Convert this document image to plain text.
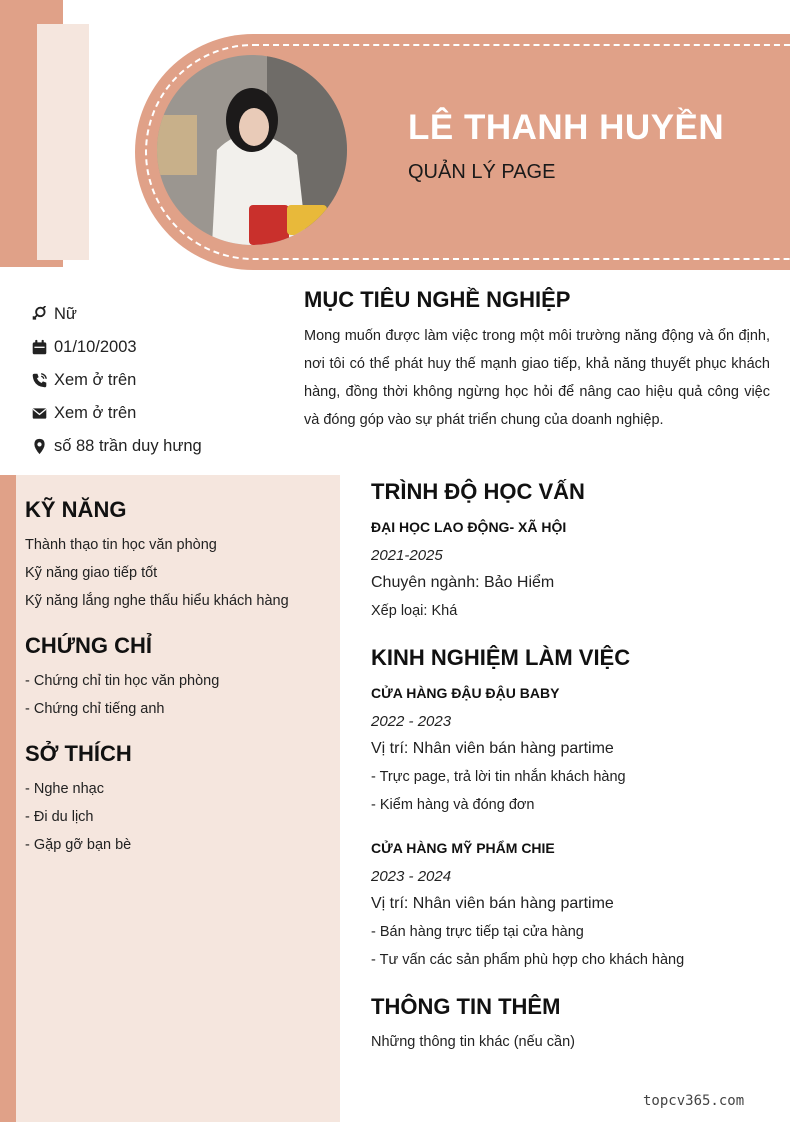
LÊ THANH HUYỀN
QUẢN LÝ PAGE
Nữ
01/10/2003
Xem ở trên
Xem ở trên
số 88 trần duy hưng
MỤC TIÊU NGHỀ NGHIỆP
Mong muốn được làm việc trong một môi trường năng động và ổn định, nơi tôi có thể phát huy thế mạnh giao tiếp, khả năng thuyết phục khách hàng, đồng thời không ngừng học hỏi để nâng cao hiệu quả công việc và đóng góp vào sự phát triển chung của doanh nghiệp.
KỸ NĂNG
Thành thạo tin học văn phòng
Kỹ năng giao tiếp tốt
Kỹ năng lắng nghe thấu hiểu khách hàng
CHỨNG CHỈ
- Chứng chỉ tin học văn phòng
- Chứng chỉ tiếng anh
SỞ THÍCH
- Nghe nhạc
- Đi du lịch
- Gặp gỡ bạn bè
TRÌNH ĐỘ HỌC VẤN
ĐẠI HỌC LAO ĐỘNG- XÃ HỘI
2021-2025
Chuyên ngành: Bảo Hiểm
Xếp loại: Khá
KINH NGHIỆM LÀM VIỆC
CỬA HÀNG ĐẬU ĐẬU BABY
2022 - 2023
Vị trí: Nhân viên bán hàng partime
- Trực page, trả lời tin nhắn khách hàng
- Kiểm hàng và đóng đơn
CỬA HÀNG MỸ PHẨM CHIE
2023 - 2024
Vị trí: Nhân viên bán hàng partime
- Bán hàng trực tiếp tại cửa hàng
- Tư vấn các sản phẩm phù hợp cho khách hàng
THÔNG TIN THÊM
Những thông tin khác (nếu cần)
topcv365.com
